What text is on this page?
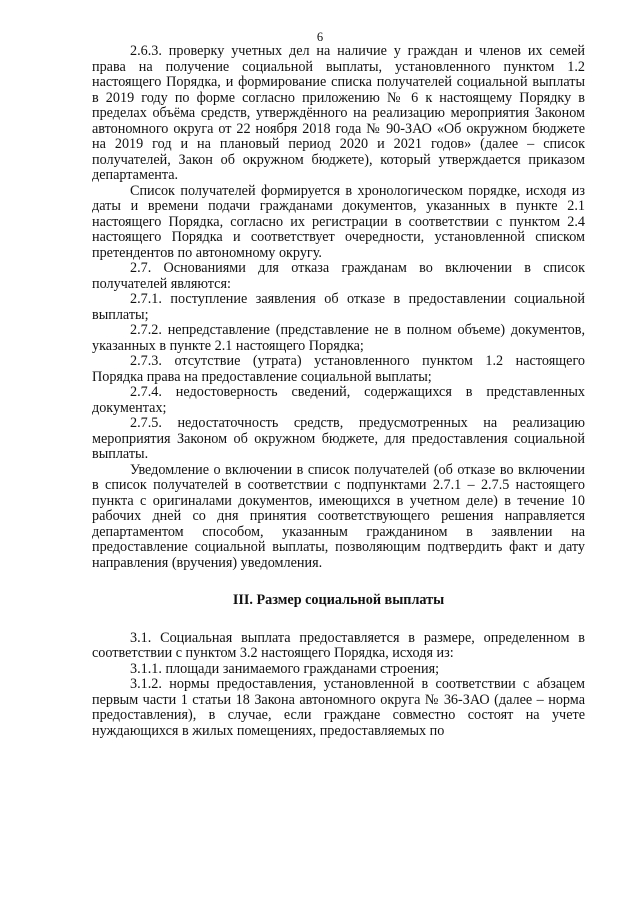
6

2.6.3. проверку учетных дел на наличие у граждан и членов их семей права на получение социальной выплаты, установленного пунктом 1.2 настоящего Порядка, и формирование списка получателей социальной выплаты в 2019 году по форме согласно приложению № 6 к настоящему Порядку в пределах объёма средств, утверждённого на реализацию мероприятия Законом автономного округа от 22 ноября 2018 года № 90-ЗАО «Об окружном бюджете на 2019 год и на плановый период 2020 и 2021 годов» (далее – список получателей, Закон об окружном бюджете), который утверждается приказом департамента.

Список получателей формируется в хронологическом порядке, исходя из даты и времени подачи гражданами документов, указанных в пункте 2.1 настоящего Порядка, согласно их регистрации в соответствии с пунктом 2.4 настоящего Порядка и соответствует очередности, установленной списком претендентов по автономному округу.

2.7. Основаниями для отказа гражданам во включении в список получателей являются:

2.7.1. поступление заявления об отказе в предоставлении социальной выплаты;

2.7.2. непредставление (представление не в полном объеме) документов, указанных в пункте 2.1 настоящего Порядка;

2.7.3. отсутствие (утрата) установленного пунктом 1.2 настоящего Порядка права на предоставление социальной выплаты;

2.7.4. недостоверность сведений, содержащихся в представленных документах;

2.7.5. недостаточность средств, предусмотренных на реализацию мероприятия Законом об окружном бюджете, для предоставления социальной выплаты.

Уведомление о включении в список получателей (об отказе во включении в список получателей в соответствии с подпунктами 2.7.1 – 2.7.5 настоящего пункта с оригиналами документов, имеющихся в учетном деле) в течение 10 рабочих дней со дня принятия соответствующего решения направляется департаментом способом, указанным гражданином в заявлении на предоставление социальной выплаты, позволяющим подтвердить факт и дату направления (вручения) уведомления.

III. Размер социальной выплаты

3.1. Социальная выплата предоставляется в размере, определенном в соответствии с пунктом 3.2 настоящего Порядка, исходя из:

3.1.1. площади занимаемого гражданами строения;

3.1.2. нормы предоставления, установленной в соответствии с абзацем первым части 1 статьи 18 Закона автономного округа № 36-ЗАО (далее – норма предоставления), в случае, если граждане совместно состоят на учете нуждающихся в жилых помещениях, предоставляемых по
